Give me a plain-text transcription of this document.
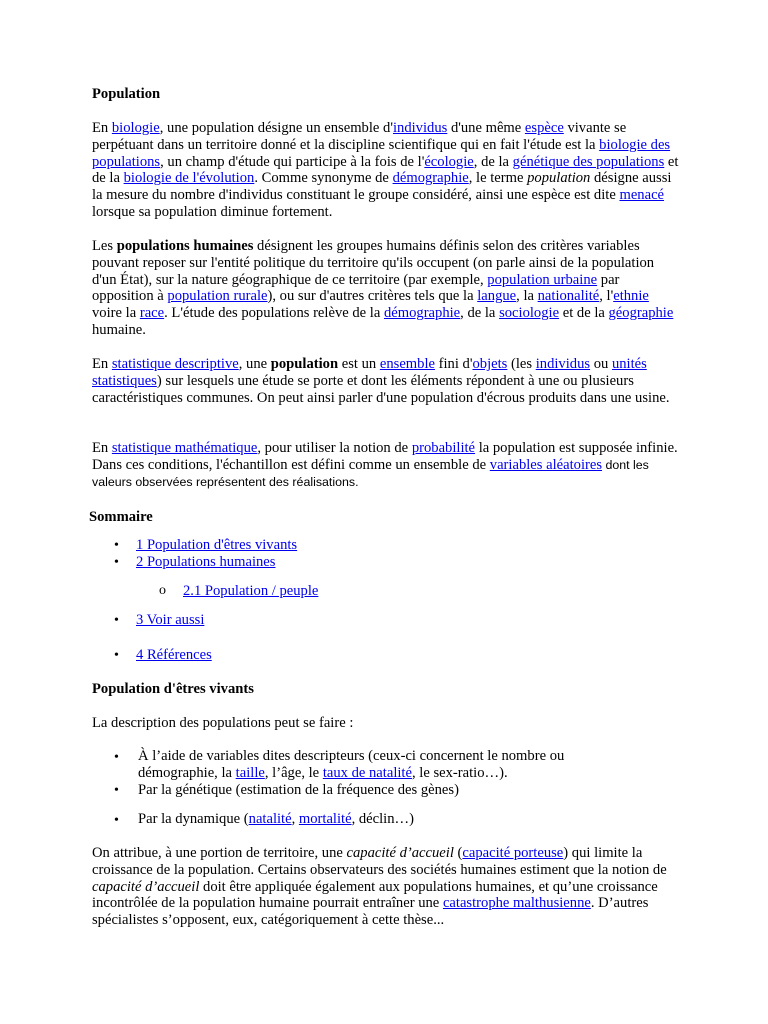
Population

En biologie, une population désigne un ensemble d'individus d'une même espèce vivante se perpétuant dans un territoire donné et la discipline scientifique qui en fait l'étude est la biologie des populations, un champ d'étude qui participe à la fois de l'écologie, de la génétique des populations et de la biologie de l'évolution. Comme synonyme de démographie, le terme population désigne aussi la mesure du nombre d'individus constituant le groupe considéré, ainsi une espèce est dite menacé lorsque sa population diminue fortement.

Les populations humaines désignent les groupes humains définis selon des critères variables pouvant reposer sur l'entité politique du territoire qu'ils occupent (on parle ainsi de la population d'un État), sur la nature géographique de ce territoire (par exemple, population urbaine par opposition à population rurale), ou sur d'autres critères tels que la langue, la nationalité, l'ethnie voire la race. L'étude des populations relève de la démographie, de la sociologie et de la géographie humaine.

En statistique descriptive, une population est un ensemble fini d'objets (les individus ou unités statistiques) sur lesquels une étude se porte et dont les éléments répondent à une ou plusieurs caractéristiques communes. On peut ainsi parler d'une population d'écrous produits dans une usine.

En statistique mathématique, pour utiliser la notion de probabilité la population est supposée infinie. Dans ces conditions, l'échantillon est défini comme un ensemble de variables aléatoires dont les valeurs observées représentent des réalisations.

Sommaire
• 1 Population d'êtres vivants
• 2 Populations humaines
o 2.1 Population / peuple
• 3 Voir aussi
• 4 Références
Population d'êtres vivants

La description des populations peut se faire :

• À l’aide de variables dites descripteurs (ceux-ci concernent le nombre ou démographie, la taille, l’âge, le taux de natalité, le sex-ratio…).

• Par la génétique (estimation de la fréquence des gènes)
• Par la dynamique (natalité, mortalité, déclin…)

On attribue, à une portion de territoire, une capacité d’accueil (capacité porteuse) qui limite la croissance de la population. Certains observateurs des sociétés humaines estiment que la notion de capacité d’accueil doit être appliquée également aux populations humaines, et qu’une croissance incontrôlée de la population humaine pourrait entraîner une catastrophe malthusienne. D’autres spécialistes s’opposent, eux, catégoriquement à cette thèse...
